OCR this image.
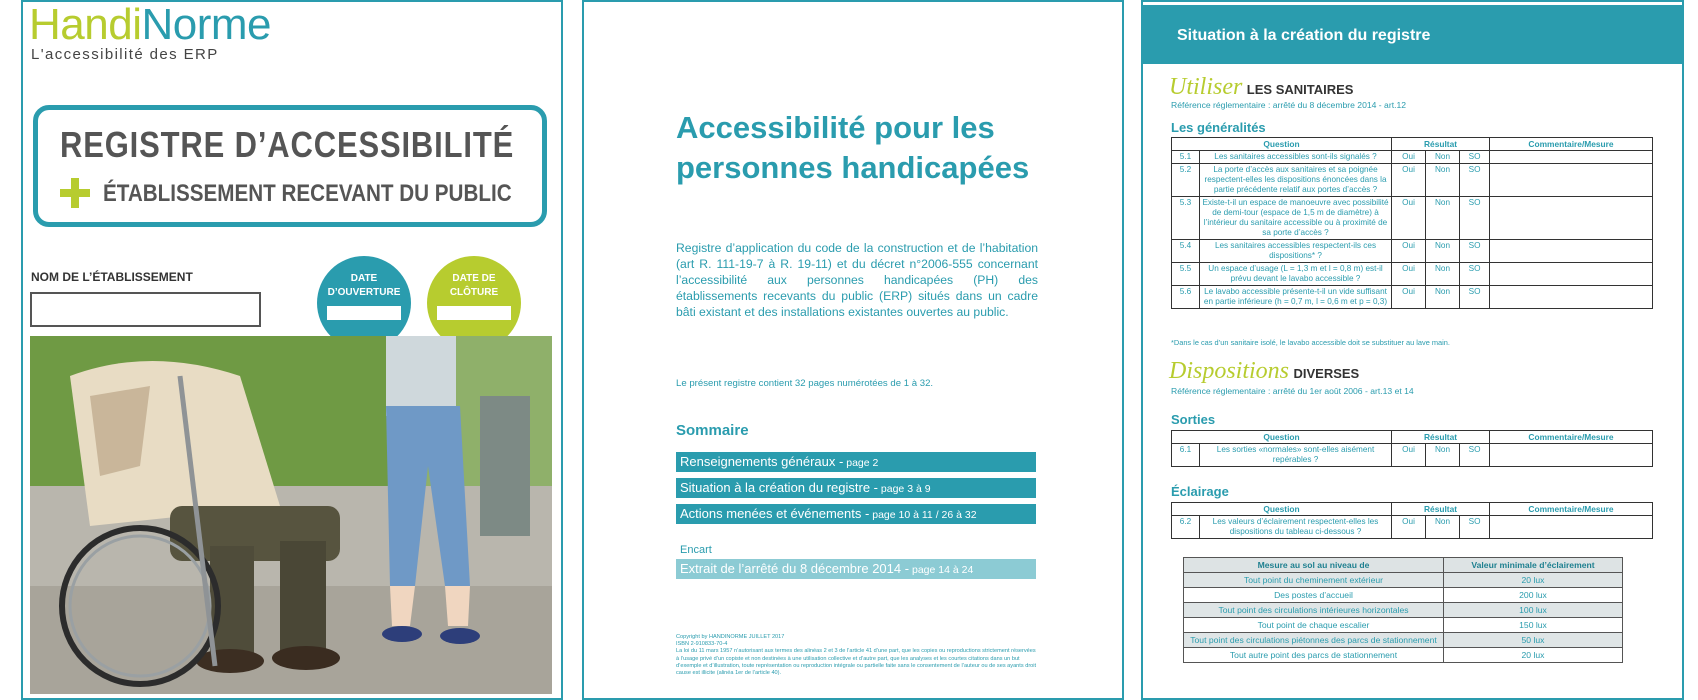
HandiNorme
L'accessibilité des ERP
REGISTRE D’ACCESSIBILITÉ
ÉTABLISSEMENT RECEVANT DU PUBLIC
NOM DE L’ÉTABLISSEMENT	DATE
D’OUVERTURE
DATE DE
CLÔTURE
Accessibilité pour les
personnes handicapées
Registre d’application du code de la construction et de l’habitation (art R. 111-19-7 à R. 19-11) et du décret n°2006-555 concernant l’accessibilité aux personnes handicapées (PH) des établissements recevants du public (ERP) situés dans un cadre bâti existant et des installations existantes ouvertes au public.
Le présent registre contient 32 pages numérotées de 1 à 32.
Sommaire
Renseignements généraux - page 2
Situation à la création du registre - page 3 à 9
Actions menées et événements - page 10 à 11 / 26 à 32
Encart
Extrait de l’arrêté du 8 décembre 2014 - page 14 à 24
Copyright by HANDINORME JUILLET 2017
ISBN 2-910833-70-4
La loi du 11 mars 1957 n’autorisant aux termes des alinéas 2 et 3 de l’article 41 d’une part, que les copies ou reproductions strictement réservées à l’usage privé d’un copiste et non destinées à une utilisation collective et d’autre part, que les analyses et les courtes citations dans un but d’exemple et d’illustration, toute représentation ou reproduction intégrale ou partielle faite sans le consentement de l’auteur ou de ses ayants droit cause est illicite (alinéa 1er de l’article 40).
Situation à la création du registre
Utiliser LES SANITAIRES
Référence réglementaire : arrêté du 8 décembre 2014 - art.12
Les généralités
Question		Résultat			Commentaire/Mesure
5.1	Les sanitaires accessibles sont-ils signalés ?	Oui	Non	SO	
5.2	La porte d’accès aux sanitaires et sa poignée respectent-elles les dispositions énoncées dans la partie précédente relatif aux portes d’accès ?	Oui	Non	SO	
5.3	Existe-t-il un espace de manoeuvre avec possibilité de demi-tour (espace de 1,5 m de diamètre) à l’intérieur du sanitaire accessible ou à proximité de sa porte d’accès ?	Oui	Non	SO	
5.4	Les sanitaires accessibles respectent-ils ces dispositions* ?	Oui	Non	SO	
5.5	Un espace d’usage (L = 1,3 m et l = 0,8 m) est-il prévu devant le lavabo accessible ?	Oui	Non	SO	
5.6	Le lavabo accessible présente-t-il un vide suffisant en partie inférieure (h = 0,7 m, l = 0,6 m et p = 0,3)	Oui	Non	SO	
*Dans le cas d’un sanitaire isolé, le lavabo accessible doit se substituer au lave main.
Dispositions DIVERSES
Référence réglementaire : arrêté du 1er août 2006 - art.13 et 14
Sorties
Question		Résultat			Commentaire/Mesure
6.1	Les sorties «normales» sont-elles aisément repérables ?	Oui	Non	SO	
Éclairage
Question		Résultat			Commentaire/Mesure
6.2	Les valeurs d’éclairement respectent-elles les dispositions du tableau ci-dessous ?	Oui	Non	SO	
Mesure au sol au niveau de	Valeur minimale d’éclairement
Tout point du cheminement extérieur	20 lux
Des postes d’accueil	200 lux
Tout point des circulations intérieures horizontales	100 lux
Tout point de chaque escalier	150 lux
Tout point des circulations piétonnes des parcs de stationnement	50 lux
Tout autre point des parcs de stationnement	20 lux
